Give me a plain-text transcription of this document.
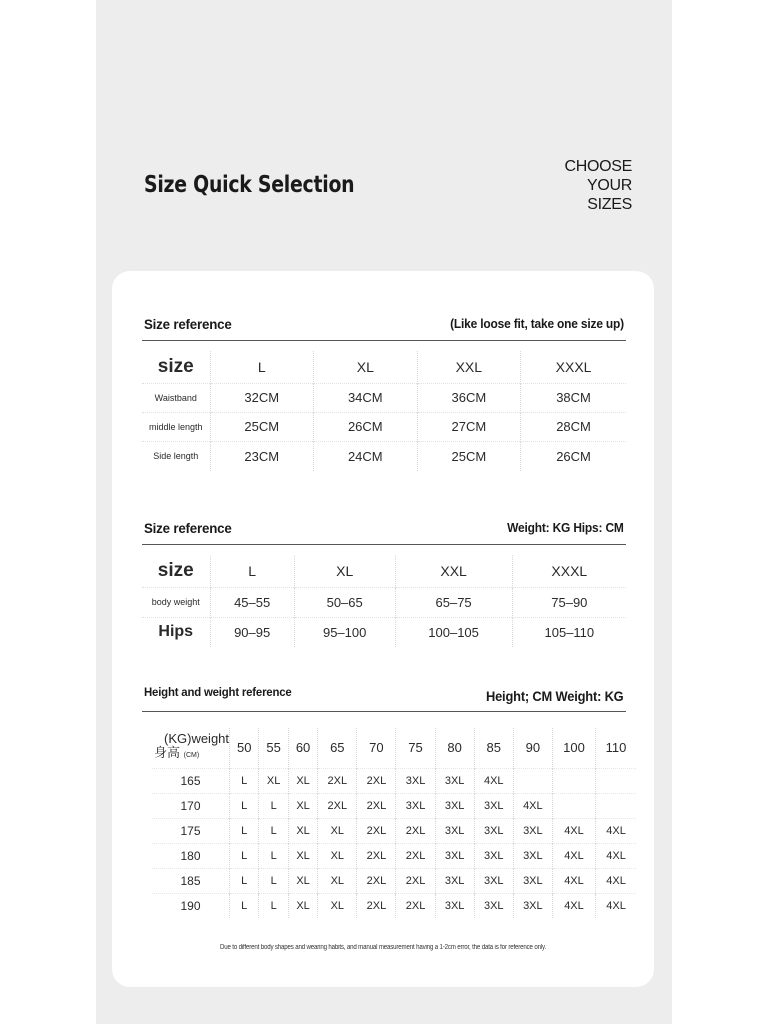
Size Quick Selection
CHOOSE
YOUR
SIZES
Size reference	(Like loose fit, take one size up)
size	L	XL	XXL	XXXL
Waistband	32CM	34CM	36CM	38CM
middle length	25CM	26CM	27CM	28CM
Side length	23CM	24CM	25CM	26CM
Size reference	Weight: KG Hips: CM
size	L	XL	XXL	XXXL
body weight	45–55	50–65	65–75	75–90
Hips	90–95	95–100	100–105	105–110
Height and weight reference	Height; CM Weight: KG
(KG)weight
身高 (CM)	50	55	60	65	70	75	80	85	90	100	110
165	L	XL	XL	2XL	2XL	3XL	3XL	4XL			
170	L	L	XL	2XL	2XL	3XL	3XL	3XL	4XL		
175	L	L	XL	XL	2XL	2XL	3XL	3XL	3XL	4XL	4XL
180	L	L	XL	XL	2XL	2XL	3XL	3XL	3XL	4XL	4XL
185	L	L	XL	XL	2XL	2XL	3XL	3XL	3XL	4XL	4XL
190	L	L	XL	XL	2XL	2XL	3XL	3XL	3XL	4XL	4XL
Due to different body shapes and wearing habits, and manual measurement having a 1-2cm error, the data is for reference only.
